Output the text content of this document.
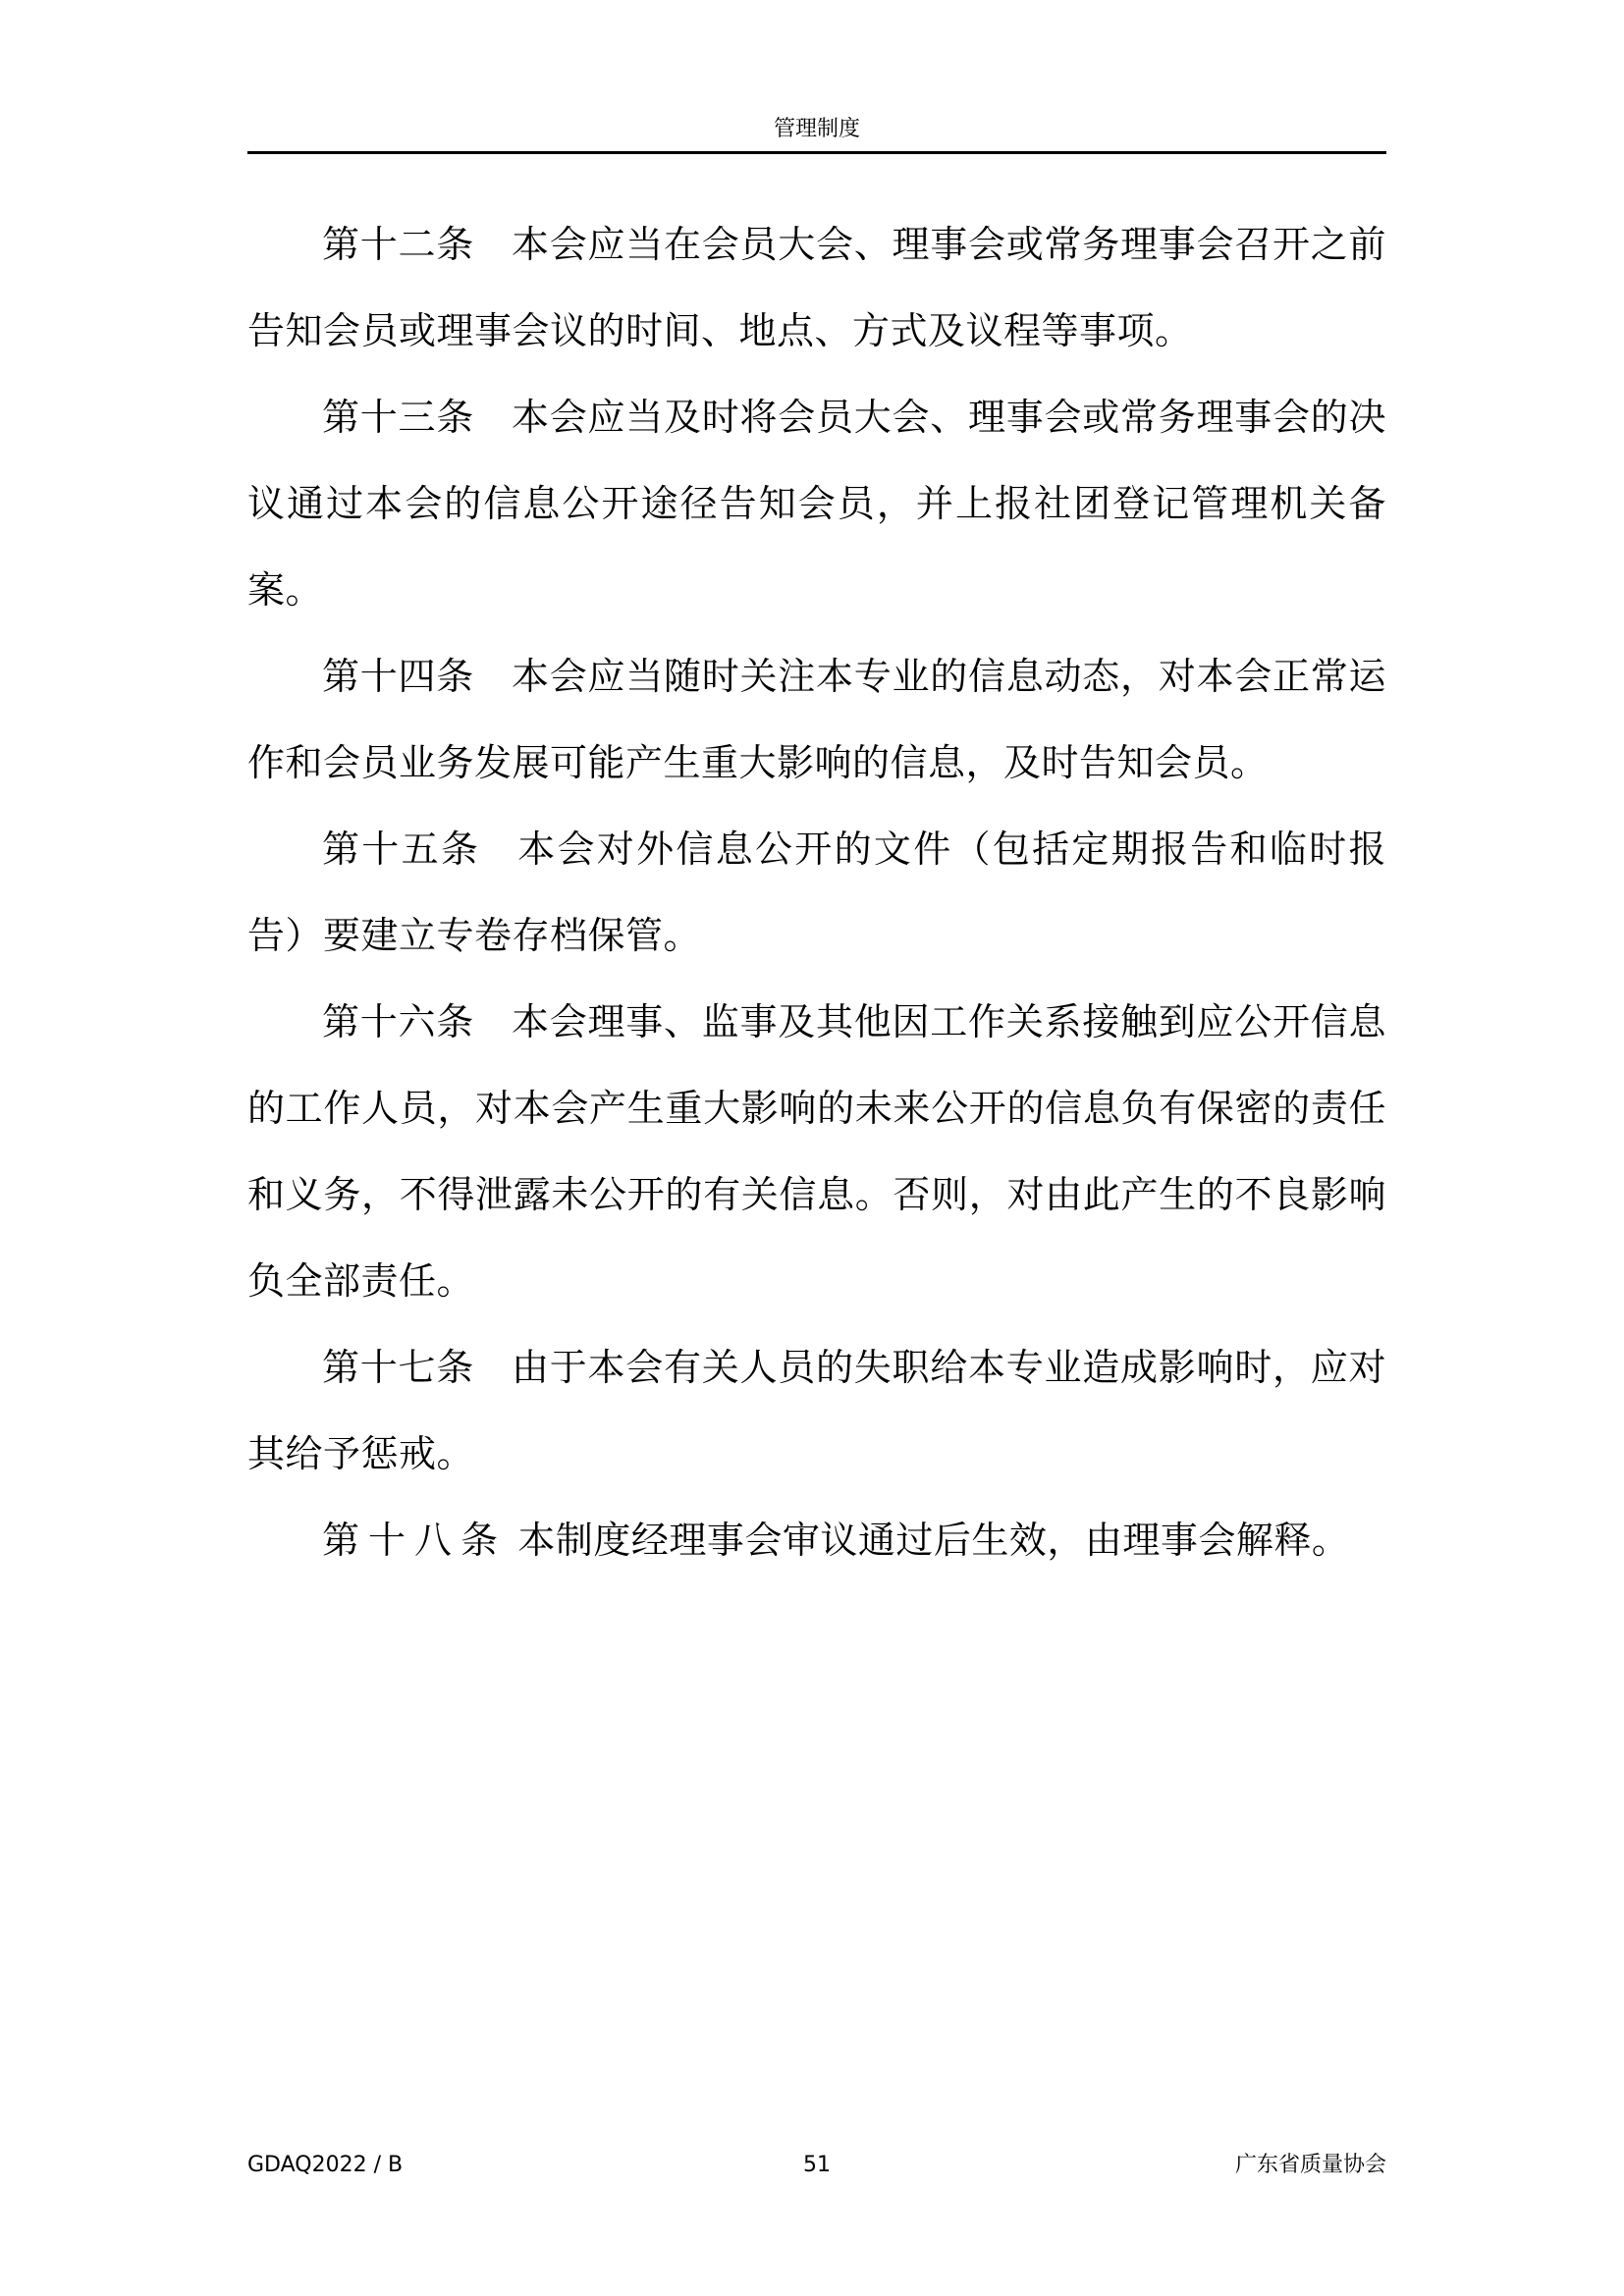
管理制度

第十二条 本会应当在会员大会、理事会或常务理事会召开之前告知会员或理事会议的时间、地点、方式及议程等事项。

第十三条 本会应当及时将会员大会、理事会或常务理事会的决议通过本会的信息公开途径告知会员，并上报社团登记管理机关备案。

第十四条 本会应当随时关注本专业的信息动态，对本会正常运作和会员业务发展可能产生重大影响的信息，及时告知会员。

第十五条 本会对外信息公开的文件（包括定期报告和临时报告）要建立专卷存档保管。

第十六条 本会理事、监事及其他因工作关系接触到应公开信息的工作人员，对本会产生重大影响的未来公开的信息负有保密的责任和义务，不得泄露未公开的有关信息。否则，对由此产生的不良影响负全部责任。

第十七条 由于本会有关人员的失职给本专业造成影响时，应对其给予惩戒。

第十八条 本制度经理事会审议通过后生效，由理事会解释。

GDAQ2022 / B	51	广东省质量协会
